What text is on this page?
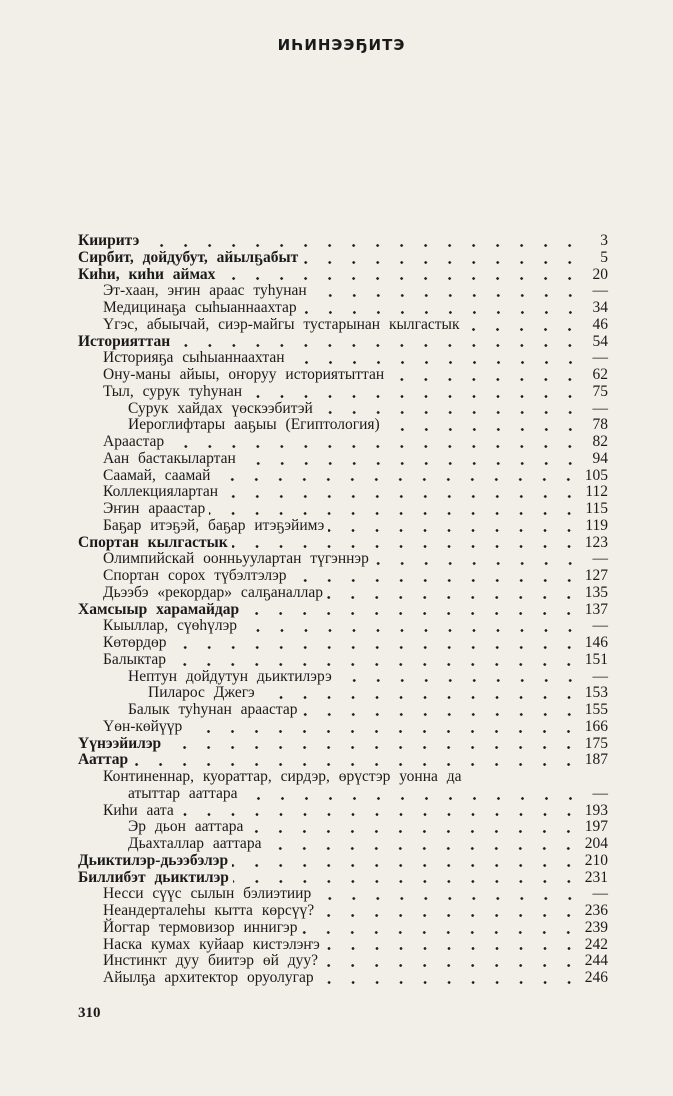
ИҺИНЭЭҔИТЭ
Кииритэ	3
Сирбит, дойдубут, айылҕабыт	5
Киһи, киһи аймах	20
Эт-хаан, эҥин араас туһунан	—
Медицинаҕа сыһыаннаахтар	34
Үгэс, абыычай, сиэр-майгы тустарынан кылгастык	46
Историяттан	54
Историяҕа сыһыаннаахтан	—
Ону-маны айыы, оҥоруу историятыттан	62
Тыл, сурук туһунан	75
Сурук хайдах үөскээбитэй	—
Иероглифтары ааҕыы (Египтология)	78
Араастар	82
Аан бастакылартан	94
Саамай, саамай	105
Коллекциялартан	112
Эҥин араастар	115
Баҕар итэҕэй, баҕар итэҕэйимэ	119
Спортан кылгастык	123
Олимпийскай оонньуулартан түгэннэр	—
Спортан сорох түбэлтэлэр	127
Дьээбэ «рекордар» салҕаналлар	135
Хамсыыр харамайдар	137
Кыыллар, сүөһүлэр	—
Көтөрдөр	146
Балыктар	151
Нептун дойдутун дьиктилэрэ	—
Пиларос Джегэ	153
Балык туһунан араастар	155
Үөн-көйүүр	166
Үүнээйилэр	175
Ааттар	187
Континеннар, куораттар, сирдэр, өрүстэр уонна да
атыттар ааттара	—
Киһи аата	193
Эр дьон ааттара	197
Дьахталлар ааттара	204
Дьиктилэр-дьээбэлэр	210
Биллибэт дьиктилэр	231
Несси сүүс сылын бэлиэтиир	—
Неандерталеһы кытта көрсүү?	236
Йогтар термовизор иннигэр	239
Наска кумах куйаар кистэлэҥэ	242
Инстинкт дуу биитэр өй дуу?	244
Айылҕа архитектор оруолугар	246
310
